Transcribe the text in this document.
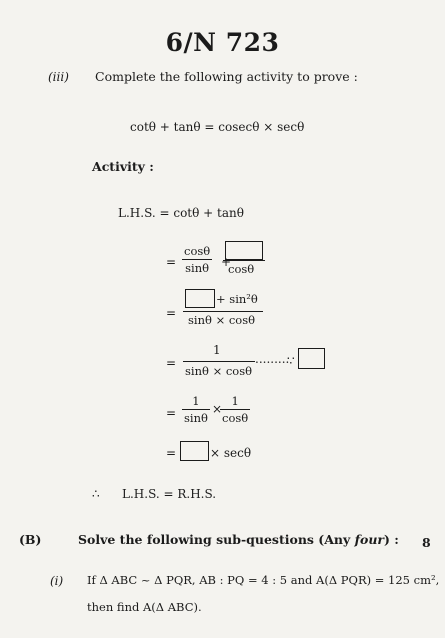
6/N 723
(iii) Complete the following activity to prove :
cotθ + tanθ = cosecθ × secθ
Activity :
L.H.S. = cotθ + tanθ
= $\frac{\cos\theta}{\sin\theta}$ +
cosθ
=
+ sin²θ
sinθ × cosθ
=
1
sinθ × cosθ
.........
∵
= $\frac{1}{\sin\theta}$ ×
$\frac{1}{\cos\theta}$
=	× secθ
∴ L.H.S. = R.H.S.
(B)	Solve the following sub-questions (Any four) : 8
(i) If Δ ABC ~ Δ PQR, AB : PQ = 4 : 5 and A(Δ PQR) = 125 cm²,
then find A(Δ ABC).
